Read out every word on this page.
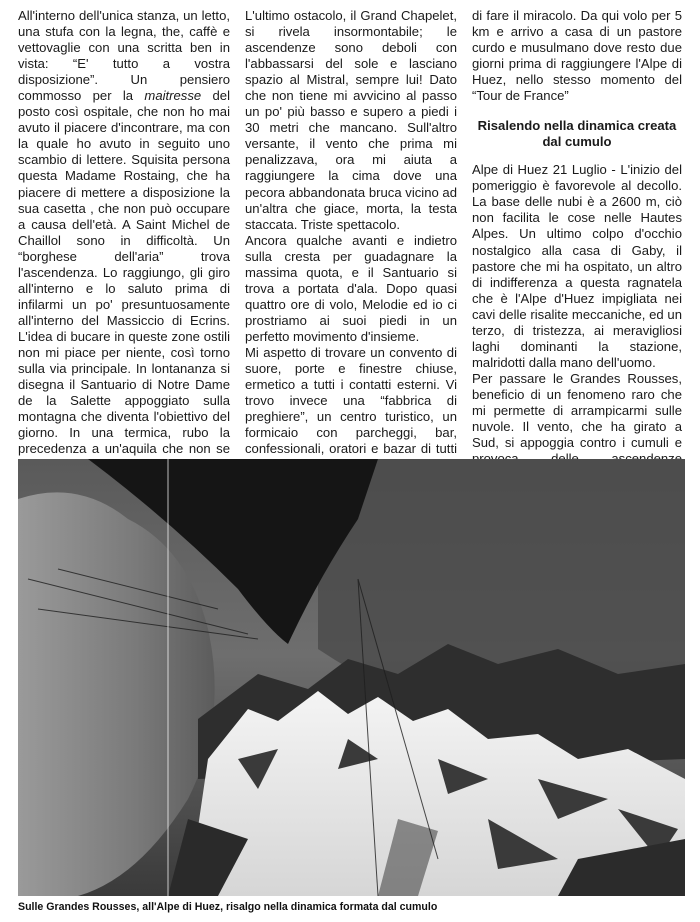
All'interno dell'unica stanza, un letto, una stufa con la legna, the, caffè e vettovaglie con una scritta ben in vista: “E' tutto a vostra disposizione”. Un pensiero commosso per la maitresse del posto così ospitale, che non ho mai avuto il piacere d'incontrare, ma con la quale ho avuto in seguito uno scambio di lettere. Squisita persona questa Madame Rostaing, che ha piacere di mettere a disposizione la sua casetta , che non può occupare a causa dell'età. A Saint Michel de Chaillol sono in difficoltà. Un “borghese dell'aria” trova l'ascendenza. Lo raggiungo, gli giro all'interno e lo saluto prima di infilarmi un po' presuntuosamente all'interno del Massiccio di Ecrins. L'idea di bucare in queste zone ostili non mi piace per niente, così torno sulla via principale. In lontananza si disegna il Santuario di Notre Dame de la Salette appoggiato sulla montagna che diventa l'obiettivo del giorno. In una termica, rubo la precedenza a un'aquila che non se

L'ultimo ostacolo, il Grand Chapelet, si rivela insormontabile; le ascendenze sono deboli con l'abbassarsi del sole e lasciano spazio al Mistral, sempre lui! Dato che non tiene mi avvicino al passo un po' più basso e supero a piedi i 30 metri che mancano. Sull'altro versante, il vento che prima mi penalizzava, ora mi aiuta a raggiungere la cima dove una pecora abbandonata bruca vicino ad un'altra che giace, morta, la testa staccata. Triste spettacolo.

Ancora qualche avanti e indietro sulla cresta per guadagnare la massima quota, e il Santuario si trova a portata d'ala. Dopo quasi quattro ore di volo, Melodie ed io ci prostriamo ai suoi piedi in un perfetto movimento d'insieme.

Mi aspetto di trovare un convento di suore, porte e finestre chiuse, ermetico a tutti i contatti esterni. Vi trovo invece una “fabbrica di preghiere”, un centro turistico, un formicaio con parcheggi, bar, confessionali, oratori e bazar di tutti

di fare il miracolo. Da qui volo per 5 km e arrivo a casa di un pastore curdo e musulmano dove resto due giorni prima di raggiungere l'Alpe di Huez, nello stesso momento del “Tour de France”

Risalendo nella dinamica creata dal cumulo

Alpe di Huez 21 Luglio - L'inizio del pomeriggio è favorevole al decollo. La base delle nubi è a 2600 m, ciò non facilita le cose nelle Hautes Alpes. Un ultimo colpo d'occhio nostalgico alla casa di Gaby, il pastore che mi ha ospitato, un altro di indifferenza a questa ragnatela che è l'Alpe d'Huez impigliata nei cavi delle risalite meccaniche, ed un terzo, di tristezza, ai meravigliosi laghi dominanti la stazione, malridotti dalla mano dell'uomo.

Per passare le Grandes Rousses, beneficio di un fenomeno raro che mi permette di arrampicarmi sulle nuvole. Il vento, che ha girato a Sud, si appoggia contro i cumuli e

Sulle Grandes Rousses, all'Alpe di Huez, risalgo nella dinamica formata dal cumulo
